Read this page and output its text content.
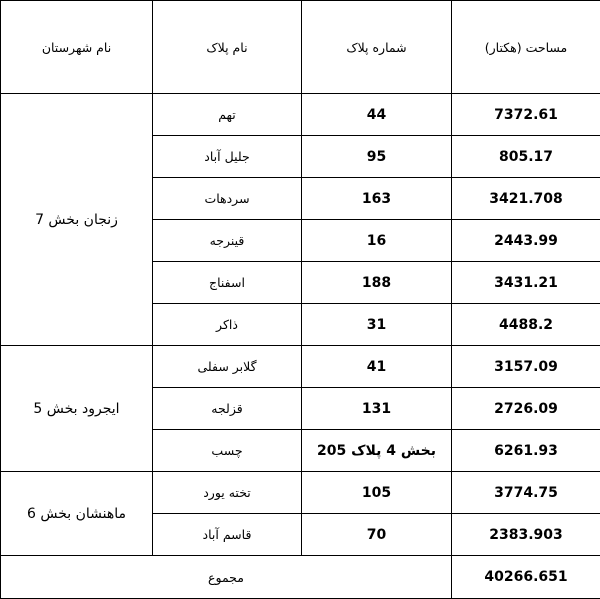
نام شهرستان	نام پلاک	شماره پلاک	مساحت (هکتار)
زنجان بخش 7	تهم	44	7372.61
	جلیل آباد	95	805.17
	سردهات	163	3421.708
	قینرجه	16	2443.99
	اسفناج	188	3431.21
	ذاکر	31	4488.2
ایجرود بخش 5	گلابر سفلی	41	3157.09
	قزلجه	131	2726.09
	چسب	بخش 4 پلاک 205	6261.93
ماهنشان بخش 6	تخته یورد	105	3774.75
	قاسم آباد	70	2383.903
مجموع			40266.651
